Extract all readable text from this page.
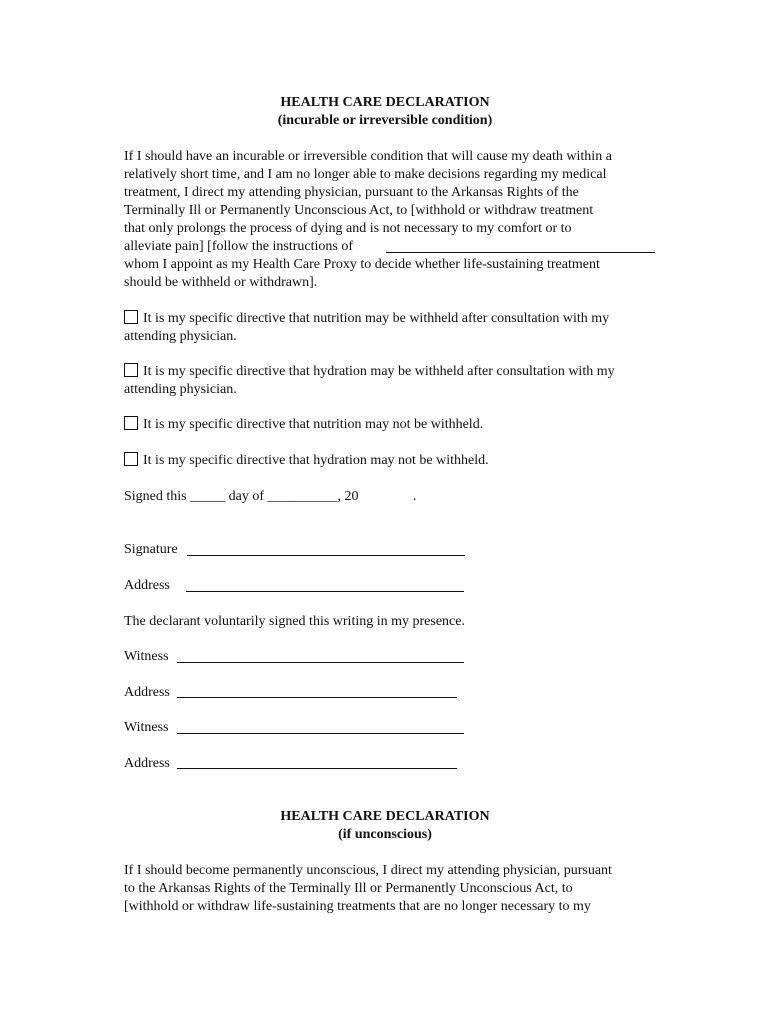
HEALTH CARE DECLARATION
(incurable or irreversible condition)
If I should have an incurable or irreversible condition that will cause my death within a
relatively short time, and I am no longer able to make decisions regarding my medical
treatment, I direct my attending physician, pursuant to the Arkansas Rights of the
Terminally Ill or Permanently Unconscious Act, to [withhold or withdraw treatment
that only prolongs the process of dying and is not necessary to my comfort or to
alleviate pain] [follow the instructions of
whom I appoint as my Health Care Proxy to decide whether life-sustaining treatment
should be withheld or withdrawn].
It is my specific directive that nutrition may be withheld after consultation with my
attending physician.
It is my specific directive that hydration may be withheld after consultation with my
attending physician.
It is my specific directive that nutrition may not be withheld.
It is my specific directive that hydration may not be withheld.
Signed this _____ day of __________, 20	.
Signature
Address
The declarant voluntarily signed this writing in my presence.
Witness
Address
Witness
Address
HEALTH CARE DECLARATION
(if unconscious)
If I should become permanently unconscious, I direct my attending physician, pursuant
to the Arkansas Rights of the Terminally Ill or Permanently Unconscious Act, to
[withhold or withdraw life-sustaining treatments that are no longer necessary to my
